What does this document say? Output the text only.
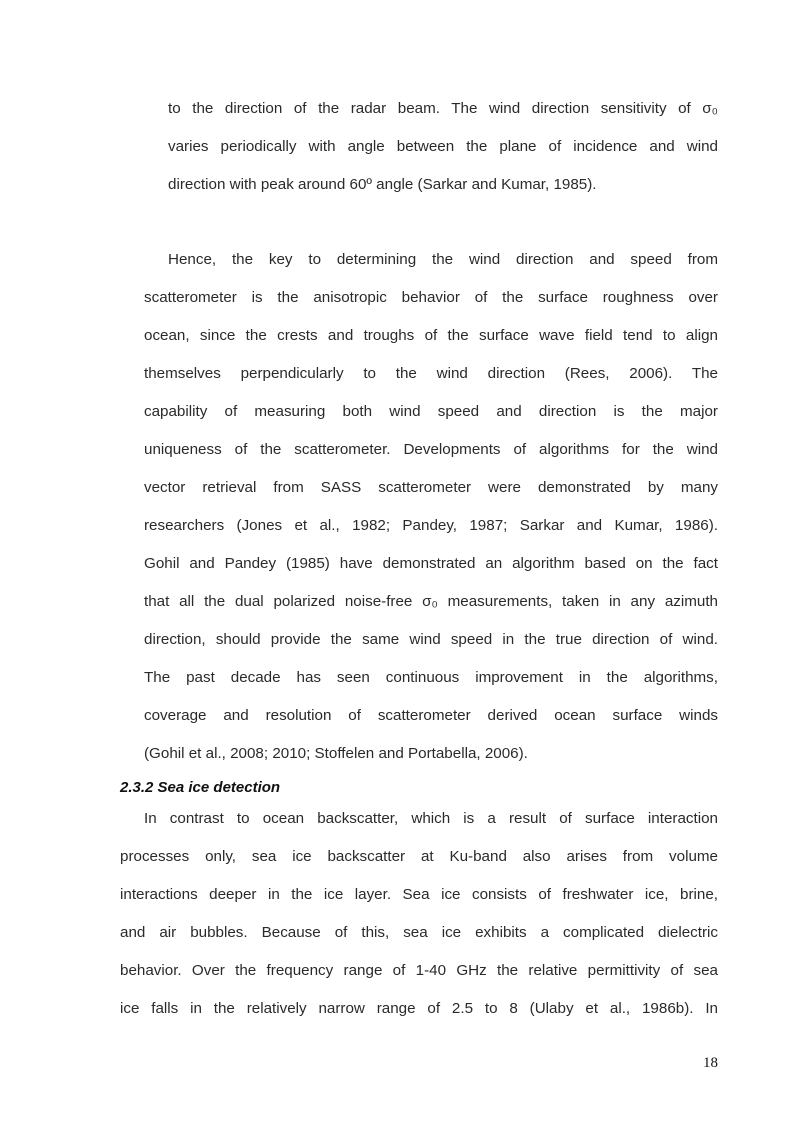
to the direction of the radar beam. The wind direction sensitivity of σ₀
varies periodically with angle between the plane of incidence and wind
direction with peak around 60º angle (Sarkar and Kumar, 1985).
Hence, the key to determining the wind direction and speed from
scatterometer is the anisotropic behavior of the surface roughness over
ocean, since the crests and troughs of the surface wave field tend to align
themselves perpendicularly to the wind direction (Rees, 2006). The
capability of measuring both wind speed and direction is the major
uniqueness of the scatterometer. Developments of algorithms for the wind
vector retrieval from SASS scatterometer were demonstrated by many
researchers (Jones et al., 1982; Pandey, 1987; Sarkar and Kumar, 1986).
Gohil and Pandey (1985) have demonstrated an algorithm based on the fact
that all the dual polarized noise-free σ₀ measurements, taken in any azimuth
direction, should provide the same wind speed in the true direction of wind.
The past decade has seen continuous improvement in the algorithms,
coverage and resolution of scatterometer derived ocean surface winds
(Gohil et al., 2008; 2010; Stoffelen and Portabella, 2006).
2.3.2 Sea ice detection
In contrast to ocean backscatter, which is a result of surface interaction
processes only, sea ice backscatter at Ku-band also arises from volume
interactions deeper in the ice layer. Sea ice consists of freshwater ice, brine,
and air bubbles. Because of this, sea ice exhibits a complicated dielectric
behavior. Over the frequency range of 1-40 GHz the relative permittivity of sea
ice falls in the relatively narrow range of 2.5 to 8 (Ulaby et al., 1986b). In
18
